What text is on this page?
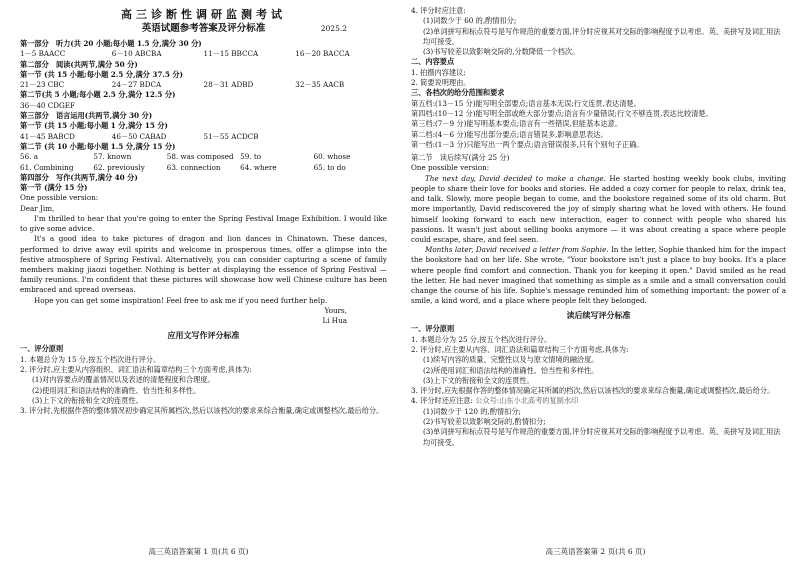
高三诊断性调研监测考试
英语试题参考答案及评分标准	2025.2
第一部分　听力(共 20 小题;每小题 1.5 分,满分 30 分)
1－5 BAACC	6－10 ABCBA	11－15 BBCCA	16－20 BACCA
第二部分　阅读(共两节,满分 50 分)
第一节 (共 15 小题;每小题 2.5 分,满分 37.5 分)
21－23 CBC	24－27 BDCA	28－31 ADBD	32－35 AACB
第二节(共 5 小题;每小题 2.5 分,满分 12.5 分)
36－40 CDGEF
第三部分　语言运用(共两节,满分 30 分)
第一节 (共 15 小题;每小题 1 分,满分 15 分)
41－45 BABCD	46－50 CABAD	51－55 ACDCB
第二节 (共 10 小题;每小题 1.5 分,满分 15 分)
56. a	57. known	58. was composed 59. to	60. whose
61. Combining	62. previously	63. connection	64. where	65. to do
第四部分　写作(共两节,满分 40 分)
第一节 (满分 15 分)
One possible version:
Dear Jim,
I'm thrilled to hear that you're going to enter the Spring Festival Image Exhibition. I would like to give some advice.
It's a good idea to take pictures of dragon and lion dances in Chinatown. These dances, performed to drive away evil spirits and welcome in prosperous times, offer a glimpse into the festive atmosphere of Spring Festival. Alternatively, you can consider capturing a scene of family members making jiaozi together. Nothing is better at displaying the essence of Spring Festival — family reunions. I'm confident that these pictures will showcase how well Chinese culture has been embraced and spread overseas.
Hope you can get some inspiration! Feel free to ask me if you need further help.
Yours,
Li Hua
应用文写作评分标准
一、评分原则
1. 本题总分为 15 分,按五个档次进行评分。
2. 评分时,应主要从内容组织、词汇语法和篇章结构三个方面考虑,具体为:
(1)对内容要点的覆盖情况以及表述的清楚程度和合理度。
(2)使用词汇和语法结构的准确性、恰当性和多样性。
(3)上下文的衔接和全文的连贯性。
3. 评分时,先根据作答的整体情况初步确定其所属档次,然后以该档次的要求来综合衡量,确定或调整档次,最后给分。
高三英语答案第 1 页(共 6 页)
4. 评分时应注意:
(1)词数少于 60 的,酌情扣分;
(2)单词拼写和标点符号是写作规范的重要方面,评分时应视其对交际的影响程度予以考虑。英、美拼写及词汇用法均可接受。
(3)书写较差以致影响交际的,分数降低一个档次。
二、内容要点
1. 拍摄内容建议;
2. 简要说明理由。
三、各档次的给分范围和要求
第五档:(13－15 分)能写明全部要点;语言基本无误;行文连贯,表达清楚。
第四档:(10－12 分)能写明全部或绝大部分要点;语言有少量错误;行文不够连贯,表达比较清楚。
第三档:(7－9 分)能写明基本要点;语言有一些错误,但能基本达意。
第二档:(4－6 分)能写出部分要点;语言错误多,影响意思表达。
第一档:(1－3 分)只能写出一两个要点;语言错误很多,只有个别句子正确。
第二节　读后续写(满分 25 分)
One possible version:
The next day, David decided to make a change. He started hosting weekly book clubs, inviting people to share their love for books and stories. He added a cozy corner for people to relax, drink tea, and talk. Slowly, more people began to come, and the bookstore regained some of its old charm. But more importantly, David rediscovered the joy of simply sharing what he loved with others. He found himself looking forward to each new interaction, eager to connect with people who shared his passions. It wasn't just about selling books anymore — it was about creating a space where people could escape, share, and feel seen.
Months later, David received a letter from Sophie. In the letter, Sophie thanked him for the impact the bookstore had on her life. She wrote, "Your bookstore isn't just a place to buy books. It's a place where people find comfort and connection. Thank you for keeping it open." David smiled as he read the letter. He had never imagined that something as simple as a smile and a small conversation could change the course of his life. Sophie's message reminded him of something important: the power of a smile, a kind word, and a place where people felt they belonged.
读后续写评分标准
一、评分原则
1. 本题总分为 25 分,按五个档次进行评分。
2. 评分时,应主要从内容、词汇语法和篇章结构三个方面考虑,具体为:
(1)续写内容的质量、完整性以及与原文情境的融洽度。
(2)所使用词汇和语法结构的准确性、恰当性和多样性。
(3)上下文的衔接和全文的连贯性。
3. 评分时,应先根据作答的整体情况确定其所属的档次,然后以该档次的要求来综合衡量,确定或调整档次,最后给分。
4. 评分时还应注意: 公众号:山东小北高考的复制水印
(1)词数少于 120 的,酌情扣分;
(2)书写较差以致影响交际的,酌情扣分;
(3)单词拼写和标点符号是写作规范的重要方面,评分时应视其对交际的影响程度予以考虑。英、美拼写及词汇用法均可接受。
高三英语答案第 2 页(共 6 页)
